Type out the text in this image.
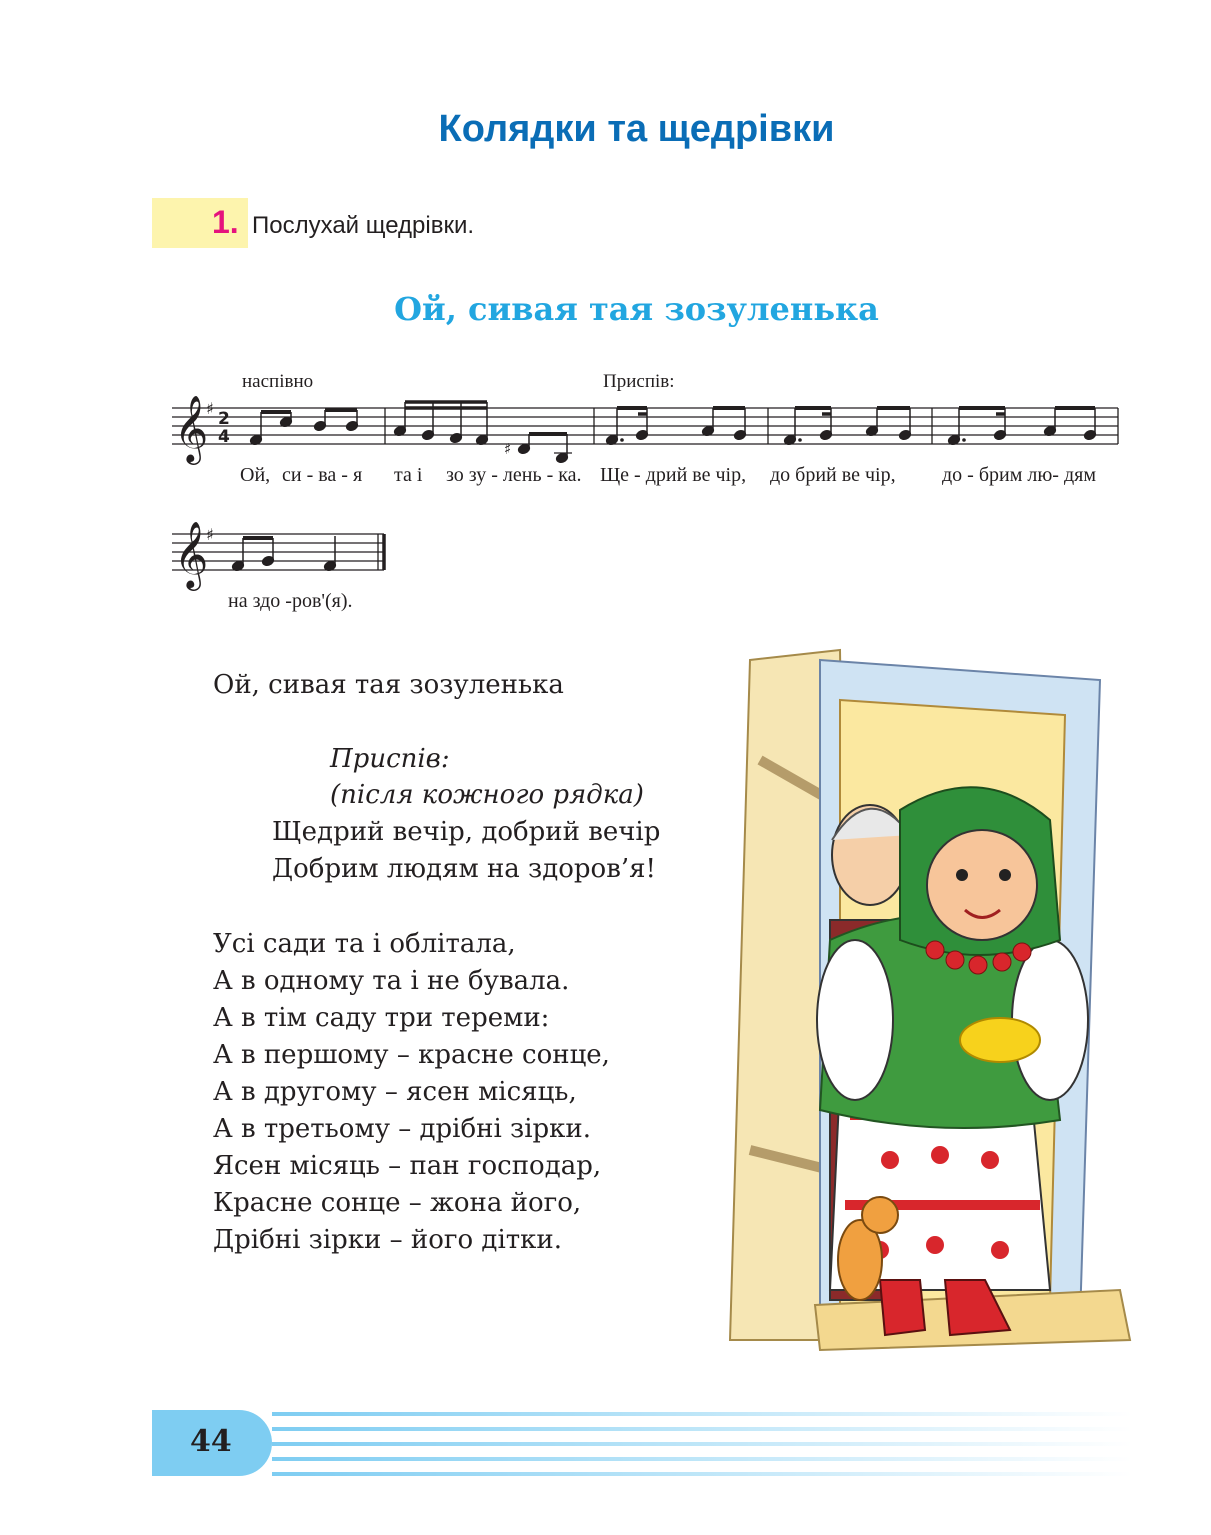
Колядки та щедрівки
1. Послухай щедрівки.
Ой, сивая тая зозуленька
наспівно	Приспів:
𝄞
♯
2
4
♯
𝄞
♯
Ой, си - ва - я та і зо зу - лень - ка. Ще - дрий ве чір, до брий ве чір, до - брим лю- дям
на здо -ров'(я).
Ой, сивая тая зозуленька
Приспів:
(після кожного рядка)
Щедрий вечір, добрий вечір
Добрим людям на здоров’я!
Усі сади та і облітала,
А в одному та і не бувала.
А в тім саду три тереми:
А в першому – красне сонце,
А в другому – ясен місяць,
А в третьому – дрібні зірки.
Ясен місяць – пан господар,
Красне сонце – жона його,
Дрібні зірки – його дітки.
44
